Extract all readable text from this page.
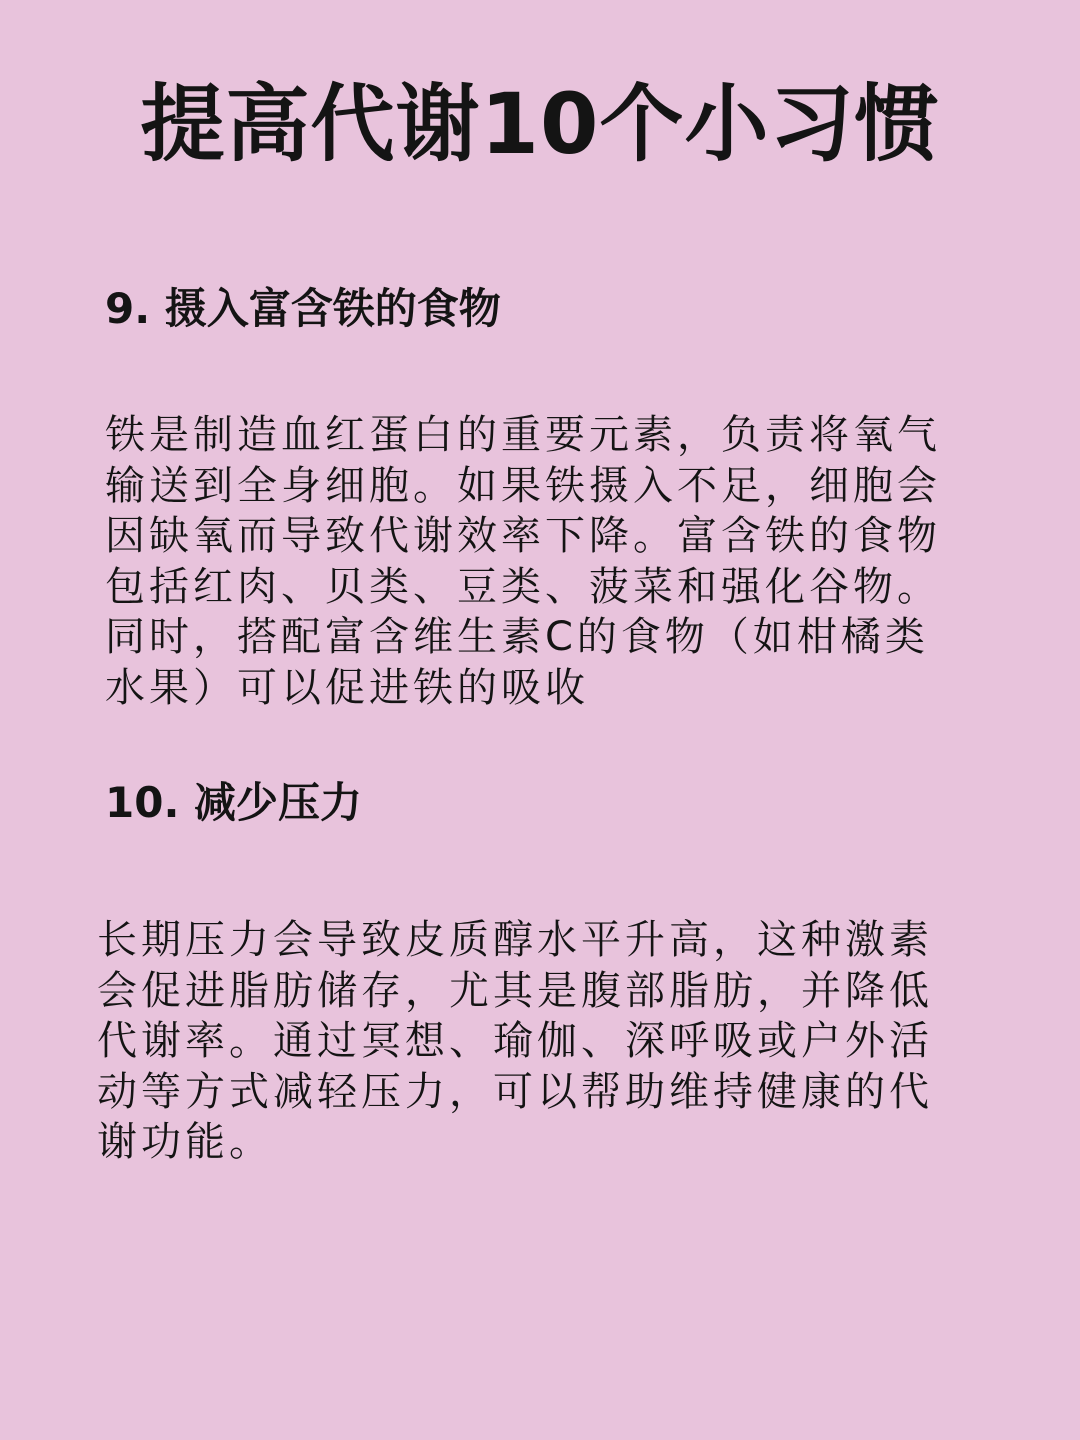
提高代谢10个小习惯
9. 摄入富含铁的食物

铁是制造血红蛋白的重要元素，负责将氧气
输送到全身细胞。如果铁摄入不足，细胞会
因缺氧而导致代谢效率下降。富含铁的食物
包括红肉、贝类、豆类、菠菜和强化谷物。
同时，搭配富含维生素C的食物（如柑橘类
水果）可以促进铁的吸收

10. 减少压力

长期压力会导致皮质醇水平升高，这种激素
会促进脂肪储存，尤其是腹部脂肪，并降低
代谢率。通过冥想、瑜伽、深呼吸或户外活
动等方式减轻压力，可以帮助维持健康的代
谢功能。
